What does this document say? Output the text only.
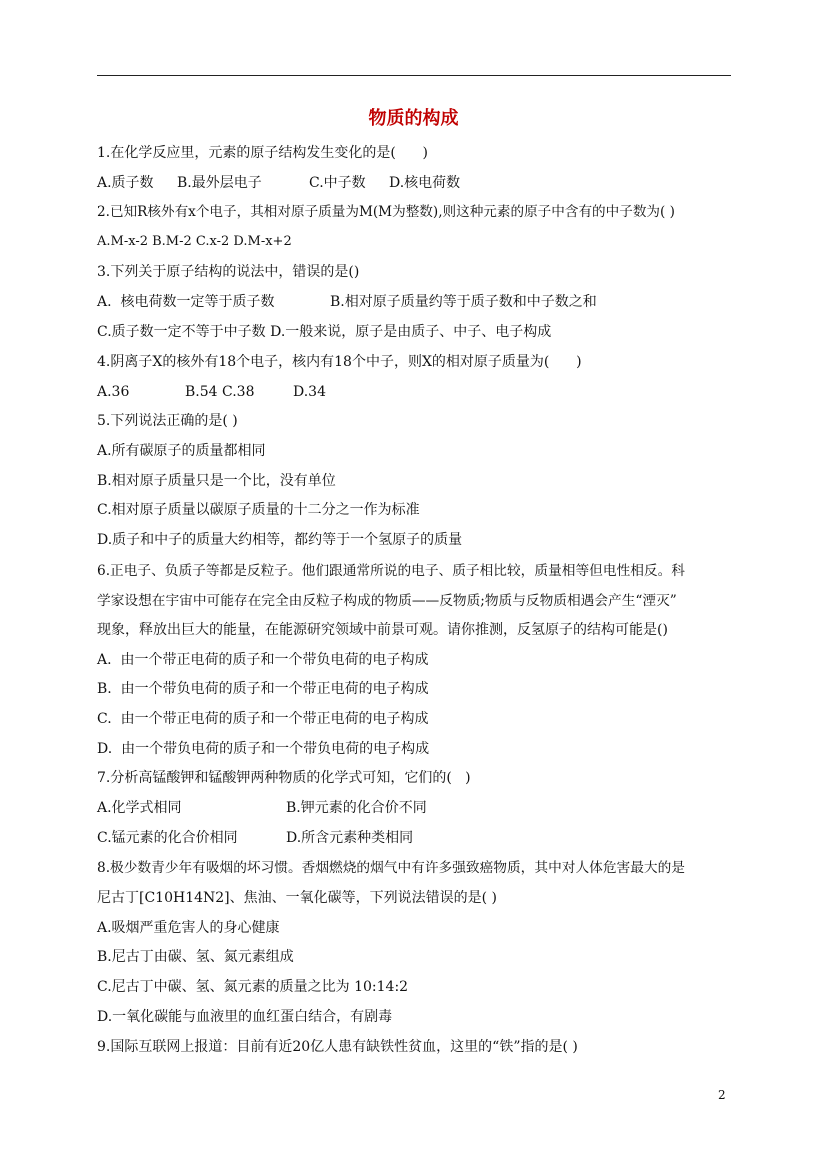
物质的构成
1.在化学反应里，元素的原子结构发生变化的是(      )

A.质子数

B.最外层电子

	C.中子数

D.核电荷数

2.已知R核外有x个电子，其相对原子质量为M(M为整数),则这种元素的原子中含有的中子数为( )
A.M-x-2 B.M-2 C.x-2 D.M-x+2
3.下列关于原子结构的说法中，错误的是()

A.  核电荷数一定等于质子数

	B.相对原子质量约等于质子数和中子数之和

C.质子数一定不等于中子数 D.一般来说，原子是由质子、中子、电子构成
4.阴离子X的核外有18个电子，核内有18个中子，则X的相对原子质量为(      )

A.36

	B.54 C.38

	D.34

5.下列说法正确的是( )
A.所有碳原子的质量都相同
B.相对原子质量只是一个比，没有单位
C.相对原子质量以碳原子质量的十二分之一作为标准
D.质子和中子的质量大约相等，都约等于一个氢原子的质量
6.正电子、负质子等都是反粒子。他们跟通常所说的电子、质子相比较，质量相等但电性相反。科
学家设想在宇宙中可能存在完全由反粒子构成的物质——反物质;物质与反物质相遇会产生“湮灭”
现象，释放出巨大的能量，在能源研究领域中前景可观。请你推测，反氢原子的结构可能是()
A.  由一个带正电荷的质子和一个带负电荷的电子构成
B.  由一个带负电荷的质子和一个带正电荷的电子构成
C.  由一个带正电荷的质子和一个带正电荷的电子构成
D.  由一个带负电荷的质子和一个带负电荷的电子构成
7.分析高锰酸钾和锰酸钾两种物质的化学式可知，它们的(   )

A.化学式相同

	B.钾元素的化合价不同

C.锰元素的化合价相同

	D.所含元素种类相同

8.极少数青少年有吸烟的坏习惯。香烟燃烧的烟气中有许多强致癌物质，其中对人体危害最大的是
尼古丁[C10H14N2]、焦油、一氧化碳等，下列说法错误的是( )
A.吸烟严重危害人的身心健康
B.尼古丁由碳、氢、氮元素组成
C.尼古丁中碳、氢、氮元素的质量之比为 10:14:2
D.一氧化碳能与血液里的血红蛋白结合，有剧毒
9.国际互联网上报道：目前有近20亿人患有缺铁性贫血，这里的“铁”指的是( )
2
